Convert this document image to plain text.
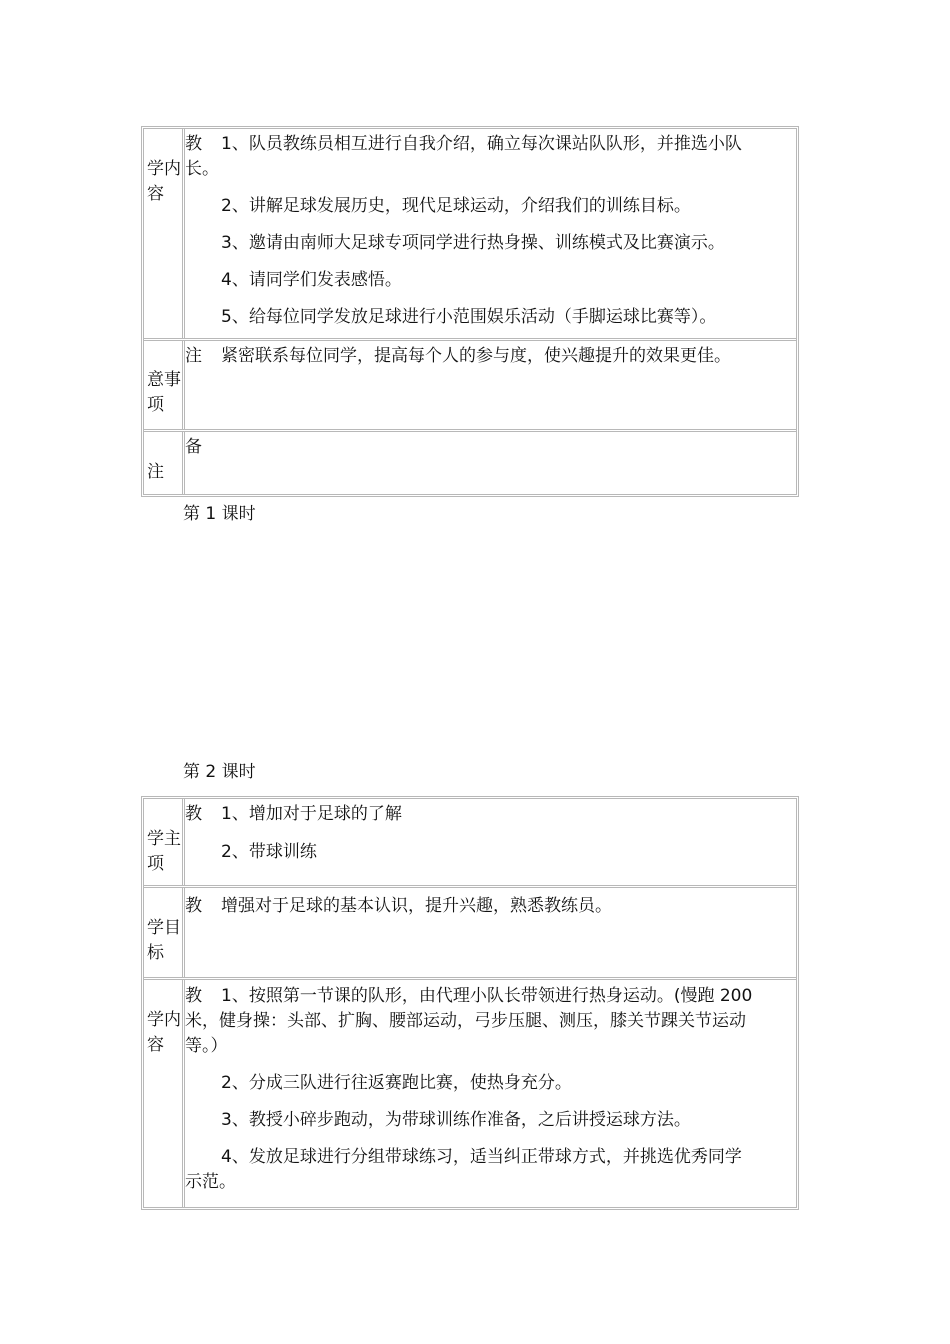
学内容
教 1、队员教练员相互进行自我介绍，确立每次课站队队形，并推选小队
长。
2、讲解足球发展历史，现代足球运动，介绍我们的训练目标。
3、邀请由南师大足球专项同学进行热身操、训练模式及比赛演示。
4、请同学们发表感悟。
5、给每位同学发放足球进行小范围娱乐活动（手脚运球比赛等）。
意事项
注 紧密联系每位同学，提高每个人的参与度，使兴趣提升的效果更佳。
注
备
第 1 课时
第 2 课时
学主项
教 1、增加对于足球的了解
2、带球训练
学目标
教 增强对于足球的基本认识，提升兴趣，熟悉教练员。
学内容
教 1、按照第一节课的队形，由代理小队长带领进行热身运动。(慢跑 200
米，健身操：头部、扩胸、腰部运动，弓步压腿、测压，膝关节踝关节运动
等。）
2、分成三队进行往返赛跑比赛，使热身充分。
3、教授小碎步跑动，为带球训练作准备，之后讲授运球方法。
4、发放足球进行分组带球练习，适当纠正带球方式，并挑选优秀同学
示范。
